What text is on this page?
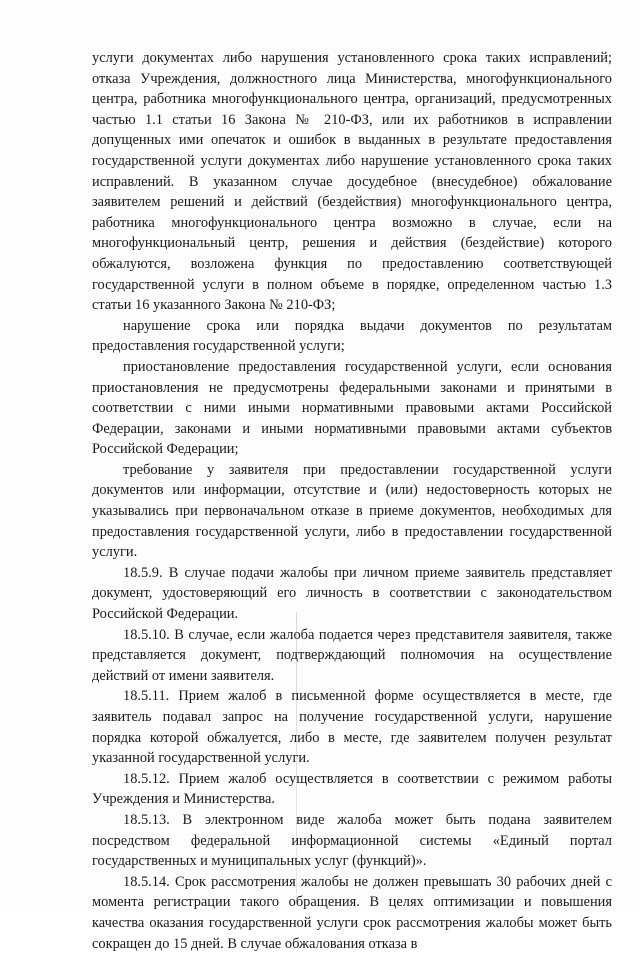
услуги документах либо нарушения установленного срока таких исправлений; отказа Учреждения, должностного лица Министерства, многофункционального центра, работника многофункционального центра, организаций, предусмотренных частью 1.1 статьи 16 Закона № 210-ФЗ, или их работников в исправлении допущенных ими опечаток и ошибок в выданных в результате предоставления государственной услуги документах либо нарушение установленного срока таких исправлений. В указанном случае досудебное (внесудебное) обжалование заявителем решений и действий (бездействия) многофункционального центра, работника многофункционального центра возможно в случае, если на многофункциональный центр, решения и действия (бездействие) которого обжалуются, возложена функция по предоставлению соответствующей государственной услуги в полном объеме в порядке, определенном частью 1.3 статьи 16 указанного Закона № 210-ФЗ;

нарушение срока или порядка выдачи документов по результатам предоставления государственной услуги;

приостановление предоставления государственной услуги, если основания приостановления не предусмотрены федеральными законами и принятыми в соответствии с ними иными нормативными правовыми актами Российской Федерации, законами и иными нормативными правовыми актами субъектов Российской Федерации;

требование у заявителя при предоставлении государственной услуги документов или информации, отсутствие и (или) недостоверность которых не указывались при первоначальном отказе в приеме документов, необходимых для предоставления государственной услуги, либо в предоставлении государственной услуги.

18.5.9. В случае подачи жалобы при личном приеме заявитель представляет документ, удостоверяющий его личность в соответствии с законодательством Российской Федерации.

18.5.10. В случае, если жалоба подается через представителя заявителя, также представляется документ, подтверждающий полномочия на осуществление действий от имени заявителя.

18.5.11. Прием жалоб в письменной форме осуществляется в месте, где заявитель подавал запрос на получение государственной услуги, нарушение порядка которой обжалуется, либо в месте, где заявителем получен результат указанной государственной услуги.

18.5.12. Прием жалоб осуществляется в соответствии с режимом работы Учреждения и Министерства.

18.5.13. В электронном виде жалоба может быть подана заявителем посредством федеральной информационной системы «Единый портал государственных и муниципальных услуг (функций)».

18.5.14. Срок рассмотрения жалобы не должен превышать 30 рабочих дней с момента регистрации такого обращения. В целях оптимизации и повышения качества оказания государственной услуги срок рассмотрения жалобы может быть сокращен до 15 дней. В случае обжалования отказа в
